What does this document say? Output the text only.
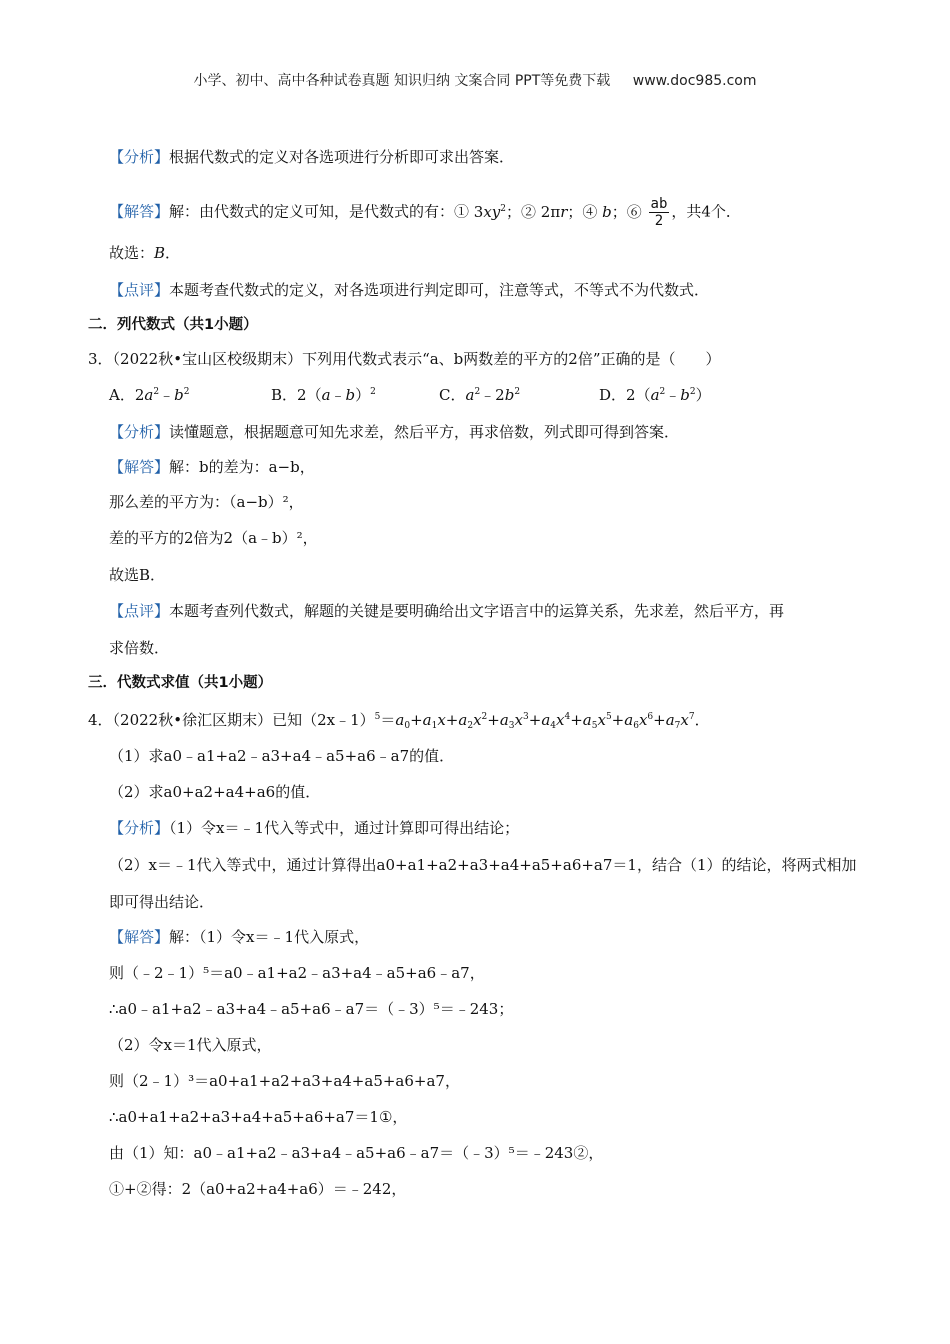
小学、初中、高中各种试卷真题 知识归纳 文案合同 PPT等免费下载 www.doc985.com
【分析】根据代数式的定义对各选项进行分析即可求出答案．
【解答】解：由代数式的定义可知，是代数式的有：① $3xy^2$；② 2πr；④ b；⑥ $\frac{ab}{2}$ ，共4个．
故选：B．
【点评】本题考查代数式的定义，对各选项进行判定即可，注意等式，不等式不为代数式．
二．列代数式（共1小题）
3．（2022秋•宝山区校级期末）下列用代数式表示“a、b两数差的平方的2倍”正确的是（　　）
A．$2a^2﹣b^2$	B．2（a﹣b）$^2$	C．$a^2﹣2b^2$	D．$2(a^2﹣b^2)$
【分析】读懂题意，根据题意可知先求差，然后平方，再求倍数，列式即可得到答案．
【解答】解：b的差为：a−b，
那么差的平方为：（a−b）²，
差的平方的2倍为2（a﹣b）²，
故选B．
【点评】本题考查列代数式，解题的关键是要明确给出文字语言中的运算关系，先求差，然后平方，再
求倍数．
三．代数式求值（共1小题）
4．（2022秋•徐汇区期末）已知$(2x﹣1)^5=a_0+a_1x+a_2x^2+a_3x^3+a_4x^4+a_5x^5+a_6x^6+a_7x^7$．
（1）求a0﹣a1+a2﹣a3+a4﹣a5+a6﹣a7的值．
（2）求a0+a2+a4+a6的值．
【分析】（1）令x＝﹣1代入等式中，通过计算即可得出结论；
（2）x＝﹣1代入等式中，通过计算得出a0+a1+a2+a3+a4+a5+a6+a7＝1，结合（1）的结论，将两式相加
即可得出结论．
【解答】解：（1）令x＝﹣1代入原式，
则（﹣2﹣1）⁵＝a0﹣a1+a2﹣a3+a4﹣a5+a6﹣a7，
∴a0﹣a1+a2﹣a3+a4﹣a5+a6﹣a7＝（﹣3）⁵＝﹣243；
（2）令x＝1代入原式，
则（2﹣1）³＝a0+a1+a2+a3+a4+a5+a6+a7，
∴a0+a1+a2+a3+a4+a5+a6+a7＝1①，
由（1）知：a0﹣a1+a2﹣a3+a4﹣a5+a6﹣a7＝（﹣3）⁵＝﹣243②，
①+②得：2（a0+a2+a4+a6）＝﹣242，
